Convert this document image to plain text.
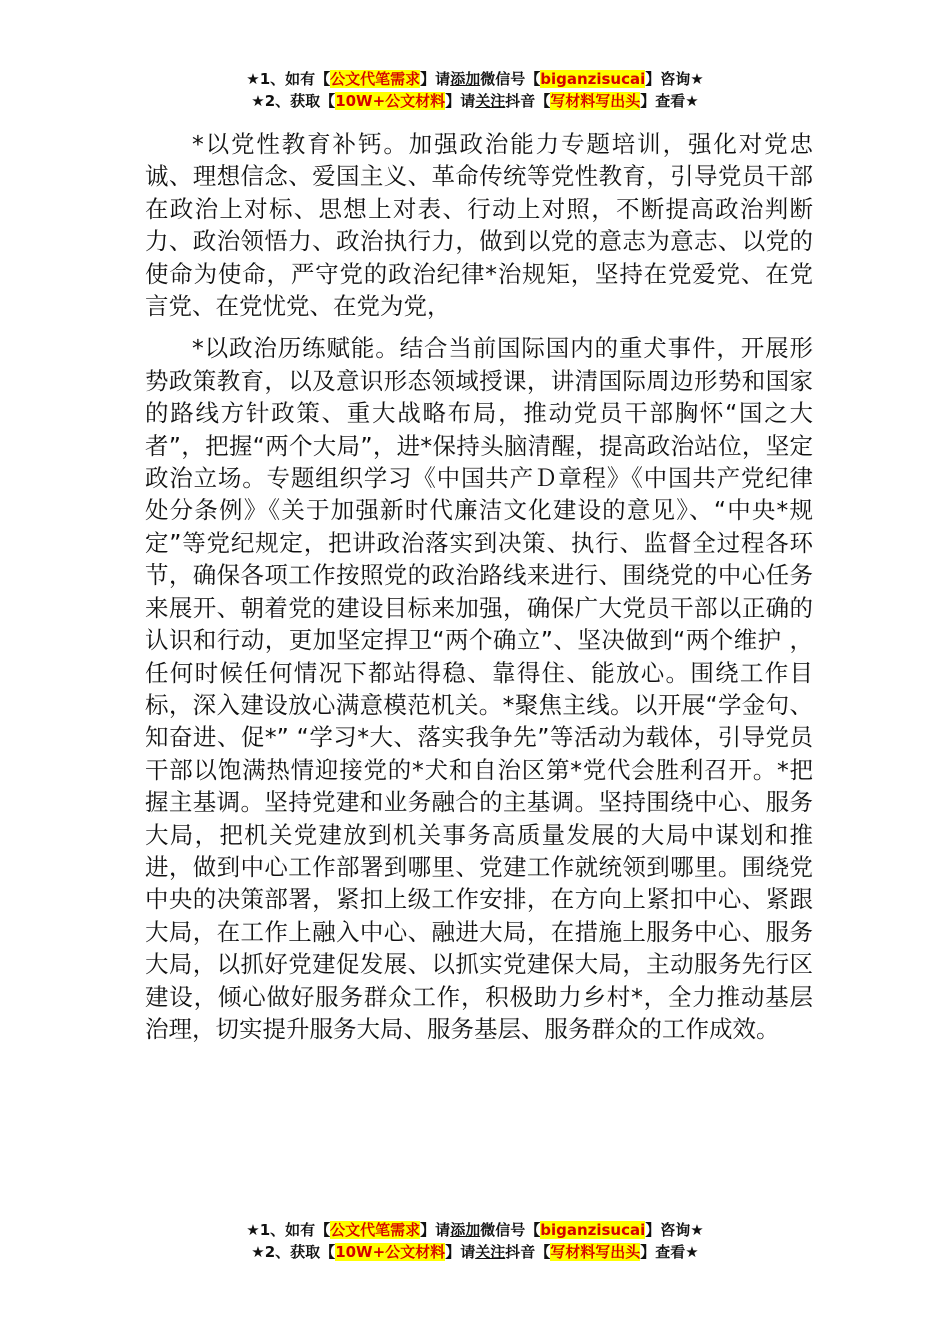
★1、如有【公文代笔需求】请添加微信号【biganzisucai】咨询★
★2、获取【10W+公文材料】请关注抖音【写材料写出头】查看★

*以党性教育补钙。加强政治能力专题培训，强化对党忠诚、理想信念、爱国主义、革命传统等党性教育，引导党员干部在政治上对标、思想上对表、行动上对照，不断提高政治判断力、政治领悟力、政治执行力，做到以党的意志为意志、以党的使命为使命，严守党的政治纪律*治规矩，坚持在党爱党、在党言党、在党忧党、在党为党，

*以政治历练赋能。结合当前国际国内的重犬事件，开展形势政策教育，以及意识形态领域授课，讲清国际周边形势和国家的路线方针政策、重大战略布局，推动党员干部胸怀“国之大者”，把握“两个大局”，进*保持头脑清醒，提高政治站位，坚定政治立场。专题组织学习《中国共产Ｄ章程》《中国共产党纪律处分条例》《关于加强新时代廉洁文化建设的意见》、“中央*规定”等党纪规定，把讲政治落实到决策、执行、监督全过程各环节，确保各项工作按照党的政治路线来进行、围绕党的中心任务来展开、朝着党的建设目标来加强，确保广大党员干部以正确的认识和行动，更加坚定捍卫“两个确立”、坚决做到“两个维护 ，任何时候任何情况下都站得稳、靠得住、能放心。围绕工作目标，深入建设放心满意模范机关。*聚焦主线。以开展“学金句、知奋进、促*” “学习*大、落实我争先”等活动为载体，引导党员干部以饱满热情迎接党的*犬和自治区第*党代会胜利召开。*把握主基调。坚持党建和业务融合的主基调。坚持围绕中心、服务大局，把机关党建放到机关事务高质量发展的大局中谋划和推进，做到中心工作部署到哪里、党建工作就统领到哪里。围绕党中央的决策部署，紧扣上级工作安排，在方向上紧扣中心、紧跟大局，在工作上融入中心、融进大局，在措施上服务中心、服务大局，以抓好党建促发展、以抓实党建保大局，主动服务先行区建设，倾心做好服务群众工作，积极助力乡村*，全力推动基层治理，切实提升服务大局、服务基层、服务群众的工作成效。

★1、如有【公文代笔需求】请添加微信号【biganzisucai】咨询★
★2、获取【10W+公文材料】请关注抖音【写材料写出头】查看★
